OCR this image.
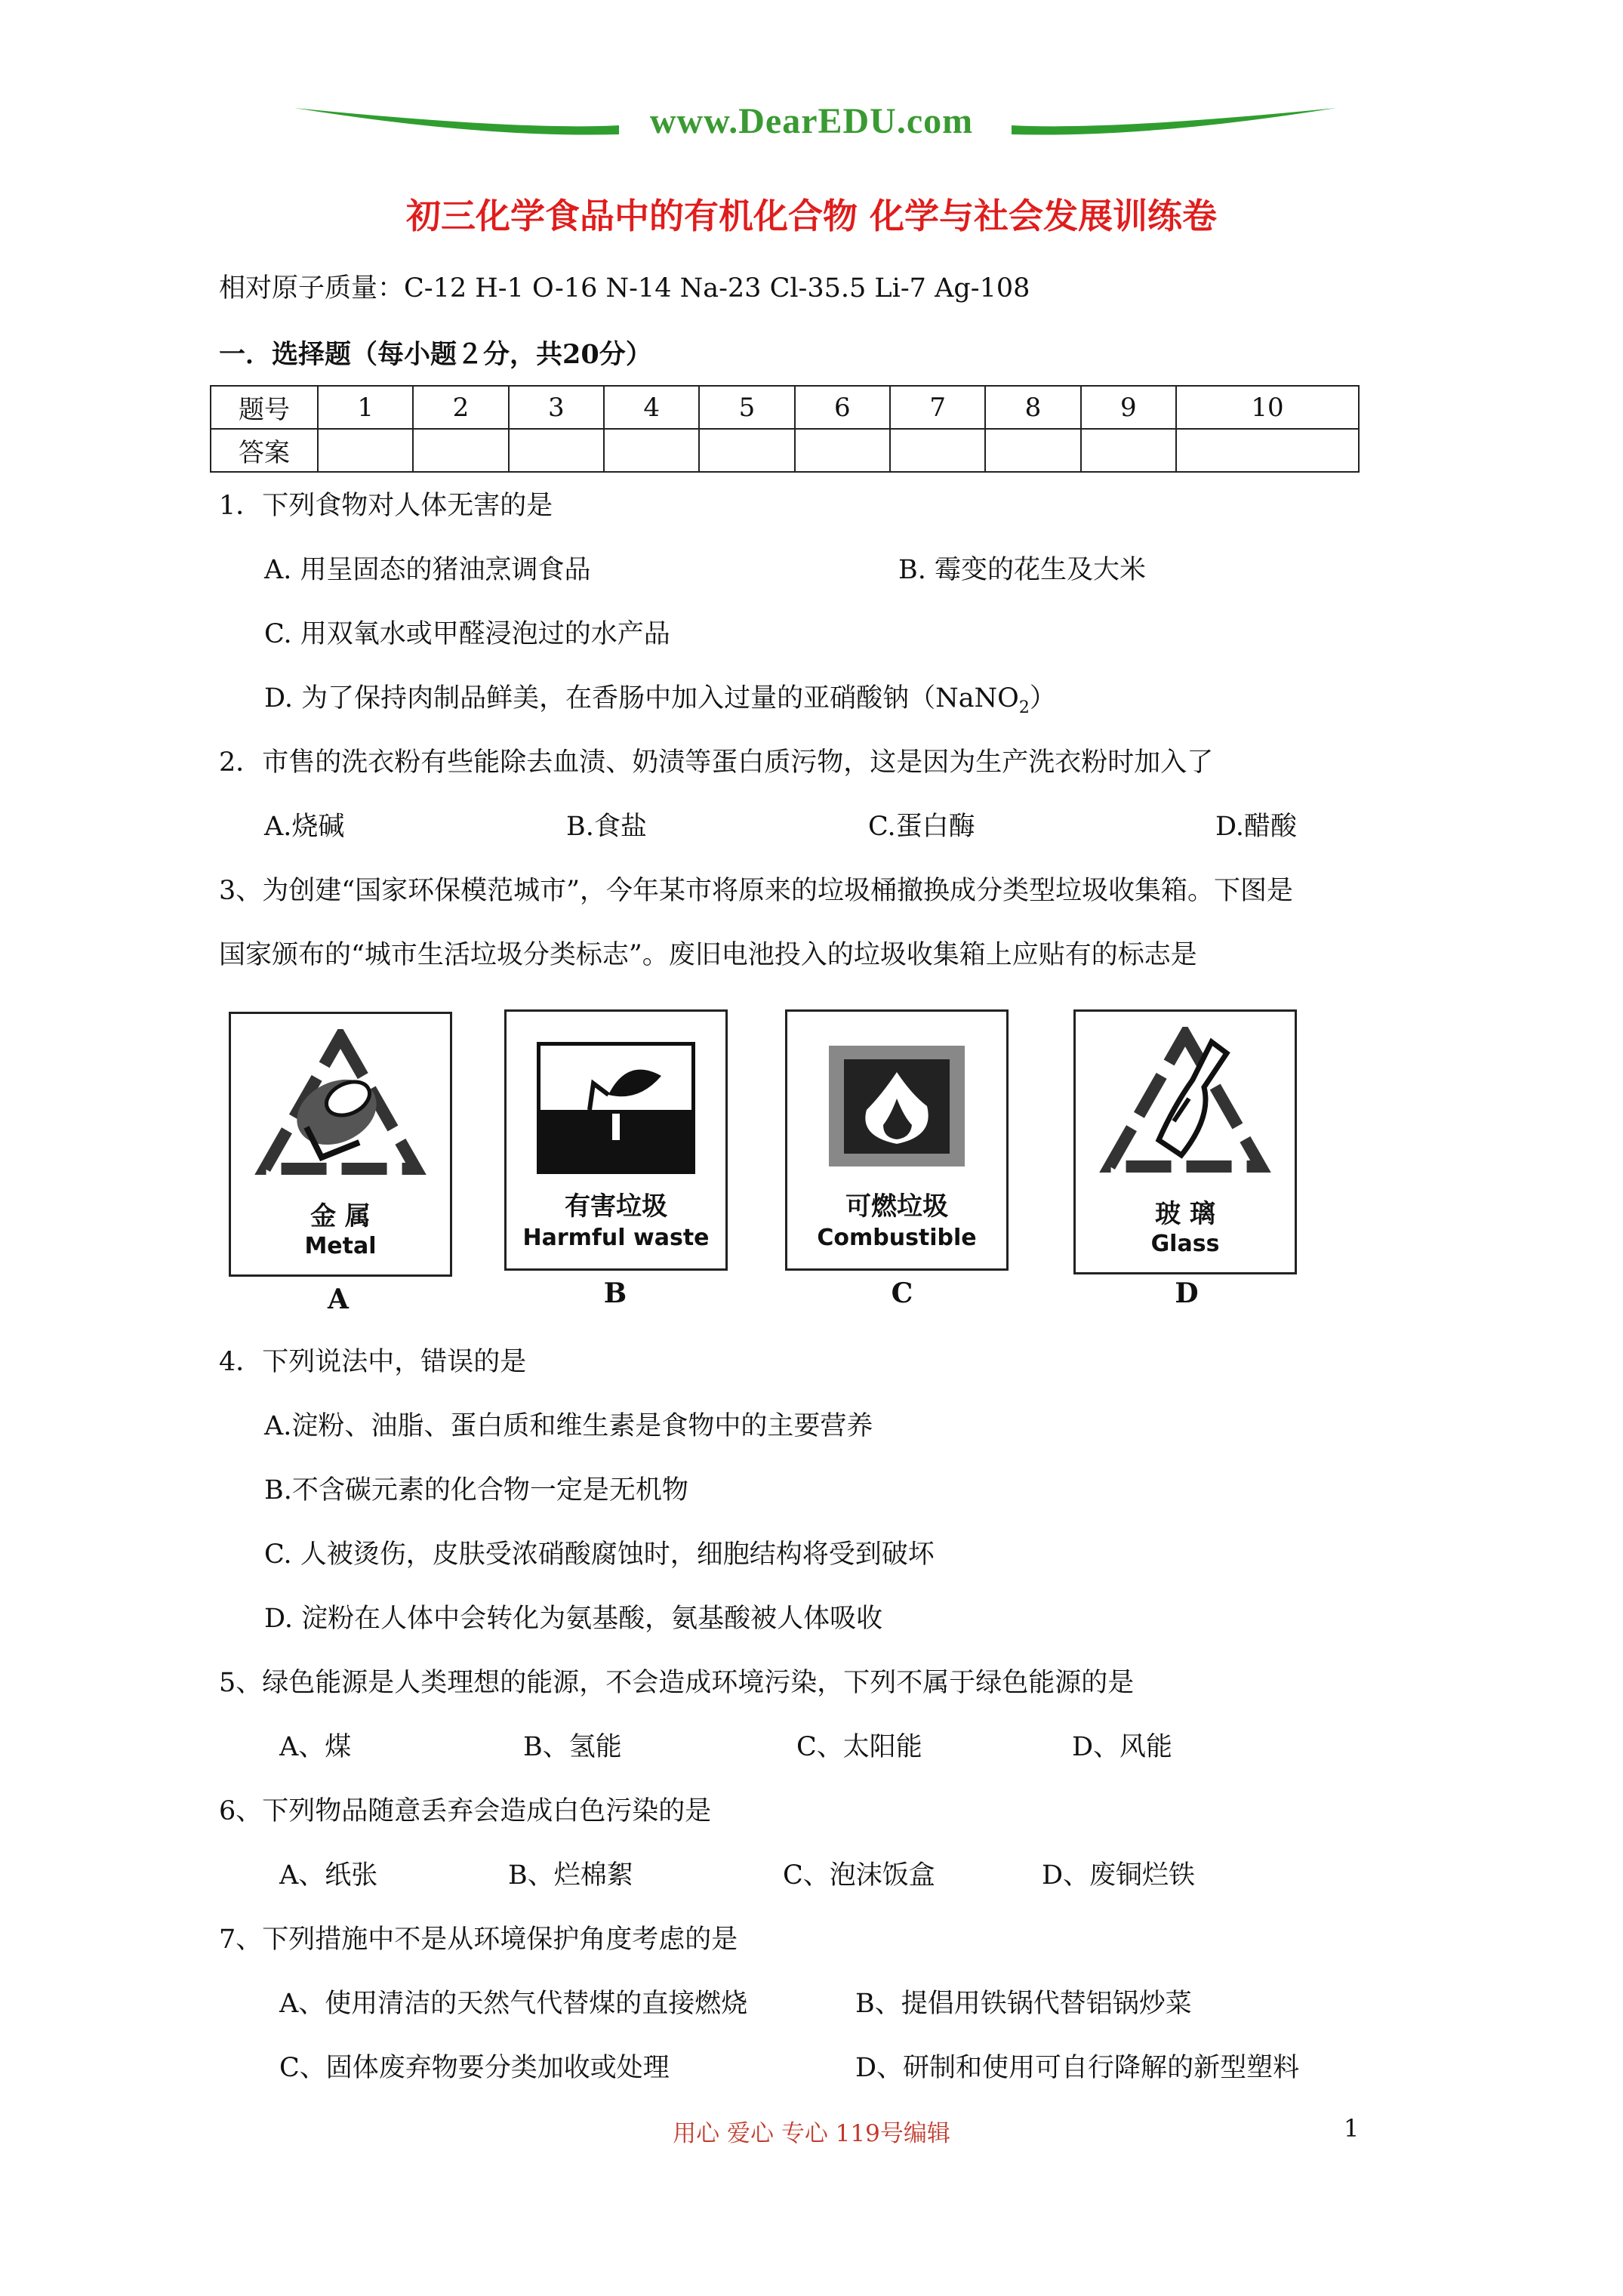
www.DearEDU.com
初三化学食品中的有机化合物 化学与社会发展训练卷
相对原子质量：C-12 H-1 O-16 N-14 Na-23 Cl-35.5 Li-7 Ag-108
一．选择题（每小题２分，共20分）
题号	1	2	3	4	5	6	7	8	9	10
答案										
1．下列食物对人体无害的是
A. 用呈固态的猪油烹调食品	B. 霉变的花生及大米
C. 用双氧水或甲醛浸泡过的水产品
D. 为了保持肉制品鲜美，在香肠中加入过量的亚硝酸钠（NaNO$_2$）
2．市售的洗衣粉有些能除去血渍、奶渍等蛋白质污物，这是因为生产洗衣粉时加入了
A.烧碱	B.食盐	C.蛋白酶	D.醋酸
3、为创建“国家环保模范城市”，今年某市将原来的垃圾桶撤换成分类型垃圾收集箱。下图是
国家颁布的“城市生活垃圾分类标志”。废旧电池投入的垃圾收集箱上应贴有的标志是
金 属
Metal
A
有害垃圾
Harmful waste
B
可燃垃圾
Combustible
C
玻 璃
Glass
D
4．下列说法中，错误的是
A.淀粉、油脂、蛋白质和维生素是食物中的主要营养
B.不含碳元素的化合物一定是无机物
C. 人被烫伤，皮肤受浓硝酸腐蚀时，细胞结构将受到破坏
D. 淀粉在人体中会转化为氨基酸，氨基酸被人体吸收
5、绿色能源是人类理想的能源，不会造成环境污染，下列不属于绿色能源的是
A、煤	B、氢能	C、太阳能	D、风能
6、下列物品随意丢弃会造成白色污染的是
A、纸张	B、烂棉絮	C、泡沫饭盒	D、废铜烂铁
7、下列措施中不是从环境保护角度考虑的是
A、使用清洁的天然气代替煤的直接燃烧	B、提倡用铁锅代替铝锅炒菜
C、固体废弃物要分类加收或处理	D、研制和使用可自行降解的新型塑料
用心 爱心 专心 119号编辑	1
